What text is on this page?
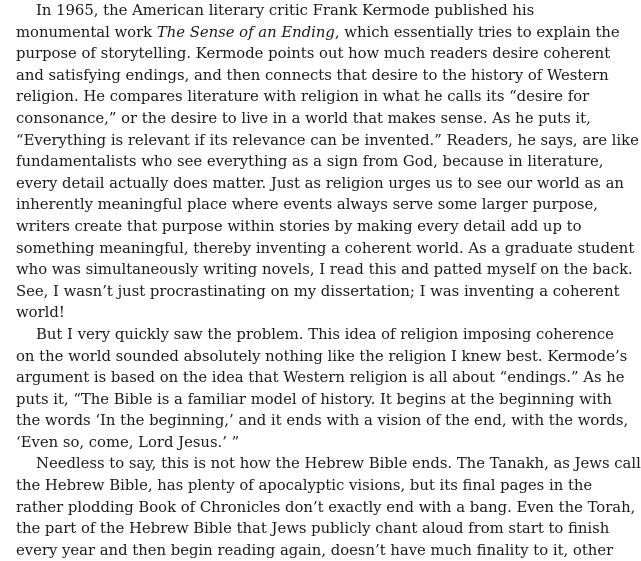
In 1965, the American literary critic Frank Kermode published his
monumental work The Sense of an Ending, which essentially tries to explain the
purpose of storytelling. Kermode points out how much readers desire coherent
and satisfying endings, and then connects that desire to the history of Western
religion. He compares literature with religion in what he calls its “desire for
consonance,” or the desire to live in a world that makes sense. As he puts it,
“Everything is relevant if its relevance can be invented.” Readers, he says, are like
fundamentalists who see everything as a sign from God, because in literature,
every detail actually does matter. Just as religion urges us to see our world as an
inherently meaningful place where events always serve some larger purpose,
writers create that purpose within stories by making every detail add up to
something meaningful, thereby inventing a coherent world. As a graduate student
who was simultaneously writing novels, I read this and patted myself on the back.
See, I wasn’t just procrastinating on my dissertation; I was inventing a coherent
world!
But I very quickly saw the problem. This idea of religion imposing coherence
on the world sounded absolutely nothing like the religion I knew best. Kermode’s
argument is based on the idea that Western religion is all about “endings.” As he
puts it, “The Bible is a familiar model of history. It begins at the beginning with
the words ‘In the beginning,’ and it ends with a vision of the end, with the words,
‘Even so, come, Lord Jesus.’ ”
Needless to say, this is not how the Hebrew Bible ends. The Tanakh, as Jews call
the Hebrew Bible, has plenty of apocalyptic visions, but its final pages in the
rather plodding Book of Chronicles don’t exactly end with a bang. Even the Torah,
the part of the Hebrew Bible that Jews publicly chant aloud from start to finish
every year and then begin reading again, doesn’t have much finality to it, other
